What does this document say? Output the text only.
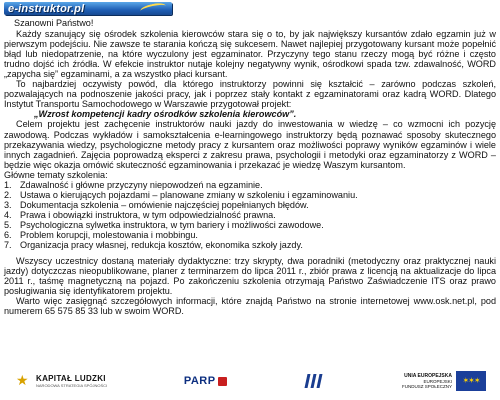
e-instruktor.pl
Szanowni Państwo!
Każdy szanujący się ośrodek szkolenia kierowców stara się o to, by jak największy kursantów zdało egzamin już w pierwszym podejściu. Nie zawsze te starania kończą się sukcesem. Nawet najlepiej przygotowany kursant może popełnić błąd lub niedopatrzenie, na które wyczulony jest egzaminator. Przyczyny tego stanu rzeczy mogą być różne i często trudno dojść ich źródła. W efekcie instruktor nutąje kolejny negatywny wynik, ośrodkowi spada tzw. zdawalność, WORD „zapycha się” egzaminami, a za wszystko płaci kursant.
To najbardziej oczywisty powód, dla którego instruktorzy powinni się kształcić – zarówno podczas szkoleń, pozwalających na podnoszenie jakości pracy, jak i poprzez stały kontakt z egzaminatorami oraz kadrą WORD. Dlatego Instytut Transportu Samochodowego w Warszawie przygotował projekt:
„Wzrost kompetencji kadry ośrodków szkolenia kierowców”.
Celem projektu jest zachęcenie instruktorów nauki jazdy do inwestowania w wiedzę – co wzmocni ich pozycję zawodową. Podczas wykładów i samokształcenia e-learningowego instruktorzy będą poznawać sposoby skutecznego przekazywania wiedzy, psychologiczne metody pracy z kursantem oraz możliwości poprawy wyników egzaminów i wiele innych zagadnień. Zajęcia poprowadzą eksperci z zakresu prawa, psychologii i metodyki oraz egzaminatorzy z WORD – będzie więc okazja omówić skuteczność egzaminowania i przekazać je wiedzę Waszym kursantom.
Główne tematy szkolenia:
1. Zdawalność i główne przyczyny niepowodzeń na egzaminie.
2. Ustawa o kierujących pojazdami – planowane zmiany w szkoleniu i egzaminowaniu.
3. Dokumentacja szkolenia – omówienie najczęściej popełnianych błędów.
4. Prawa i obowiązki instruktora, w tym odpowiedzialność prawna.
5. Psychologiczna sylwetka instruktora, w tym bariery i możliwości zawodowe.
6. Problem korupcji, molestowania i mobbingu.
7. Organizacja pracy własnej, redukcja kosztów, ekonomika szkoły jazdy.
Wszyscy uczestnicy dostaną materiały dydaktyczne: trzy skrypty, dwa poradniki (metodyczny oraz praktycznej nauki jazdy) dotyczczas nieopublikowane, planer z terminarzem do lipca 2011 r., zbiór prawa z licencją na aktualizacje do lipca 2011 r., taśmę magnetyczną na pojazd. Po zakończeniu szkolenia otrzymają Państwo Zaświadczenie ITS oraz prawo posługiwania się identyfikatorem projektu.
Warto więc zasięgnąć szczegółowych informacji, które znajdą Państwo na stronie internetowej www.osk.net.pl, pod numerem 65 575 85 33 lub w swoim WORD.
★ KAPITAŁ LUDZKI
NARODOWA STRATEGIA SPÓJNOŚCI	PARP	UNIA EUROPEJSKA
EUROPEJSKI
FUNDUSZ SPOŁECZNY
✶✶✶
